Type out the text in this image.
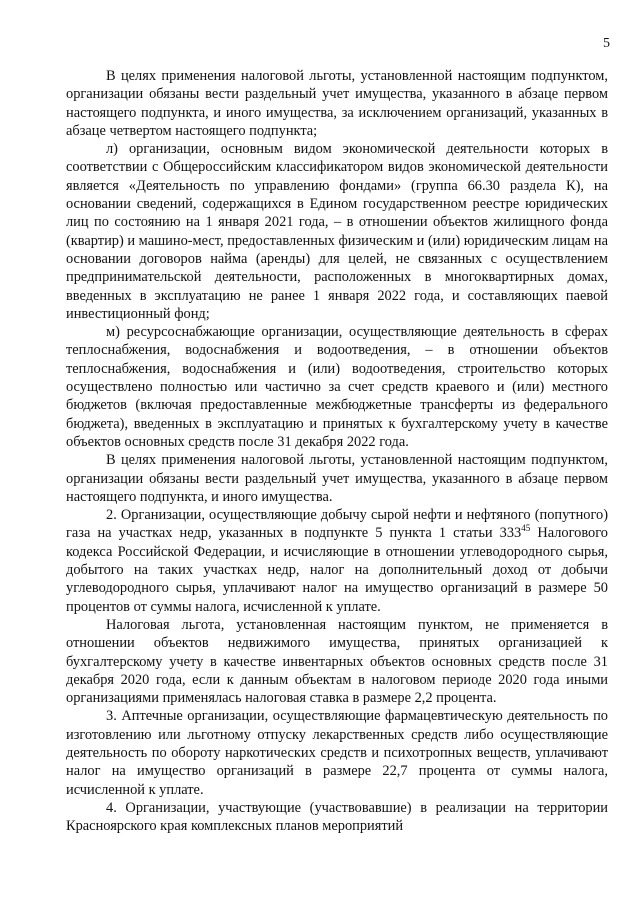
5

В целях применения налоговой льготы, установленной настоящим подпунктом, организации обязаны вести раздельный учет имущества, указанного в абзаце первом настоящего подпункта, и иного имущества, за исключением организаций, указанных в абзаце четвертом настоящего подпункта;

л) организации, основным видом экономической деятельности которых в соответствии с Общероссийским классификатором видов экономической деятельности является «Деятельность по управлению фондами» (группа 66.30 раздела К), на основании сведений, содержащихся в Едином государственном реестре юридических лиц по состоянию на 1 января 2021 года, – в отношении объектов жилищного фонда (квартир) и машино-мест, предоставленных физическим и (или) юридическим лицам на основании договоров найма (аренды) для целей, не связанных с осуществлением предпринимательской деятельности, расположенных в многоквартирных домах, введенных в эксплуатацию не ранее 1 января 2022 года, и составляющих паевой инвестиционный фонд;

м) ресурсоснабжающие организации, осуществляющие деятельность в сферах теплоснабжения, водоснабжения и водоотведения, – в отношении объектов теплоснабжения, водоснабжения и (или) водоотведения, строительство которых осуществлено полностью или частично за счет средств краевого и (или) местного бюджетов (включая предоставленные межбюджетные трансферты из федерального бюджета), введенных в эксплуатацию и принятых к бухгалтерскому учету в качестве объектов основных средств после 31 декабря 2022 года.

В целях применения налоговой льготы, установленной настоящим подпунктом, организации обязаны вести раздельный учет имущества, указанного в абзаце первом настоящего подпункта, и иного имущества.

2. Организации, осуществляющие добычу сырой нефти и нефтяного (попутного) газа на участках недр, указанных в подпункте 5 пункта 1 статьи $333^{45}$ Налогового кодекса Российской Федерации, и исчисляющие в отношении углеводородного сырья, добытого на таких участках недр, налог на дополнительный доход от добычи углеводородного сырья, уплачивают налог на имущество организаций в размере 50 процентов от суммы налога, исчисленной к уплате.

Налоговая льгота, установленная настоящим пунктом, не применяется в отношении объектов недвижимого имущества, принятых организацией к бухгалтерскому учету в качестве инвентарных объектов основных средств после 31 декабря 2020 года, если к данным объектам в налоговом периоде 2020 года иными организациями применялась налоговая ставка в размере 2,2 процента.

3. Аптечные организации, осуществляющие фармацевтическую деятельность по изготовлению или льготному отпуску лекарственных средств либо осуществляющие деятельность по обороту наркотических средств и психотропных веществ, уплачивают налог на имущество организаций в размере 22,7 процента от суммы налога, исчисленной к уплате.

4. Организации, участвующие (участвовавшие) в реализации на территории Красноярского края комплексных планов мероприятий
